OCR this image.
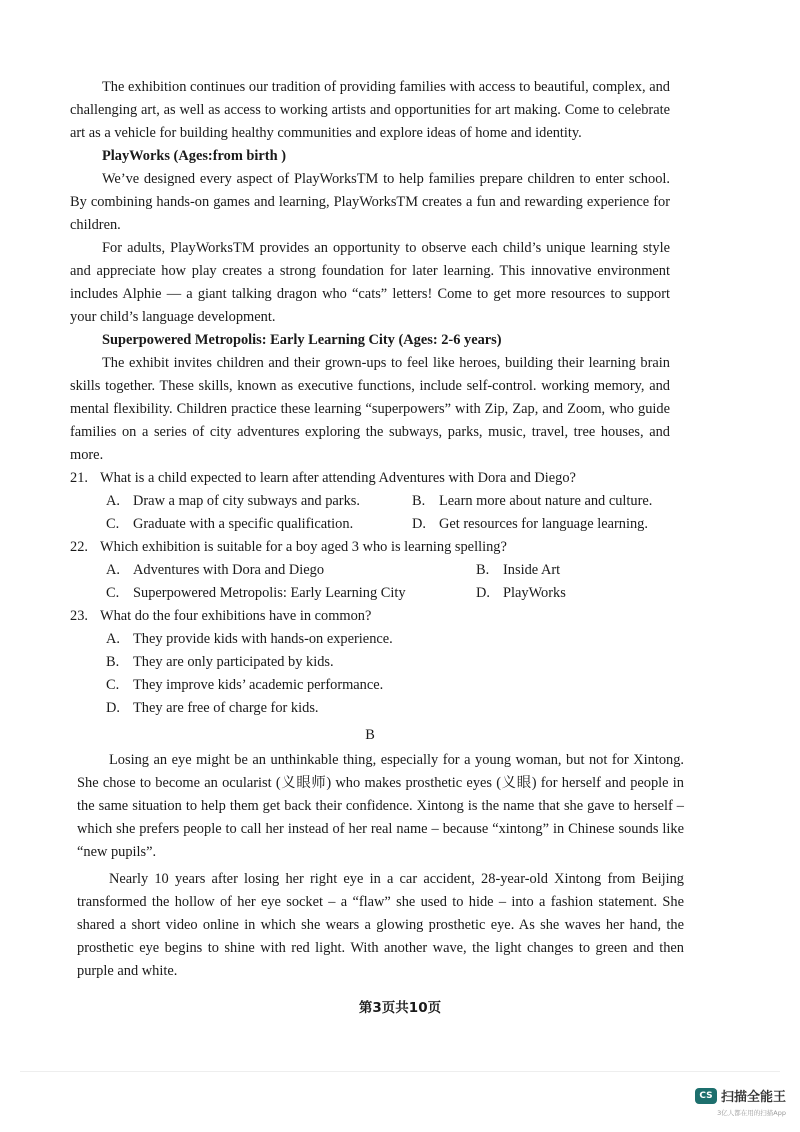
The exhibition continues our tradition of providing families with access to beautiful, complex, and challenging art, as well as access to working artists and opportunities for art making. Come to celebrate art as a vehicle for building healthy communities and explore ideas of home and identity.

PlayWorks (Ages:from birth )

We’ve designed every aspect of PlayWorksTM to help families prepare children to enter school. By combining hands-on games and learning, PlayWorksTM creates a fun and rewarding experience for children.

For adults, PlayWorksTM provides an opportunity to observe each child’s unique learning style and appreciate how play creates a strong foundation for later learning. This innovative environment includes Alphie — a giant talking dragon who “cats” letters! Come to get more resources to support your child’s language development.

Superpowered Metropolis: Early Learning City (Ages: 2-6 years)

The exhibit invites children and their grown-ups to feel like heroes, building their learning brain skills together. These skills, known as executive functions, include self-control. working memory, and mental flexibility. Children practice these learning “superpowers” with Zip, Zap, and Zoom, who guide families on a series of city adventures exploring the subways, parks, music, travel, tree houses, and more.

21. What is a child expected to learn after attending Adventures with Dora and Diego?
A. Draw a map of city subways and parks.	B. Learn more about nature and culture.
C. Graduate with a specific qualification.	D. Get resources for language learning.
22. Which exhibition is suitable for a boy aged 3 who is learning spelling?
A. Adventures with Dora and Diego	B. Inside Art
C. Superpowered Metropolis: Early Learning City	D. PlayWorks
23. What do the four exhibitions have in common?
A. They provide kids with hands-on experience.
B. They are only participated by kids.
C. They improve kids’ academic performance.
D. They are free of charge for kids.
B

Losing an eye might be an unthinkable thing, especially for a young woman, but not for Xintong. She chose to become an ocularist (义眼师) who makes prosthetic eyes (义眼) for herself and people in the same situation to help them get back their confidence. Xintong is the name that she gave to herself – which she prefers people to call her instead of her real name – because “xintong” in Chinese sounds like “new pupils”.

Nearly 10 years after losing her right eye in a car accident, 28-year-old Xintong from Beijing transformed the hollow of her eye socket – a “flaw” she used to hide – into a fashion statement. She shared a short video online in which she wears a glowing prosthetic eye. As she waves her hand, the prosthetic eye begins to shine with red light. With another wave, the light changes to green and then purple and white.

第3页共10页
CS 扫描全能王
3亿人都在用的扫描App
